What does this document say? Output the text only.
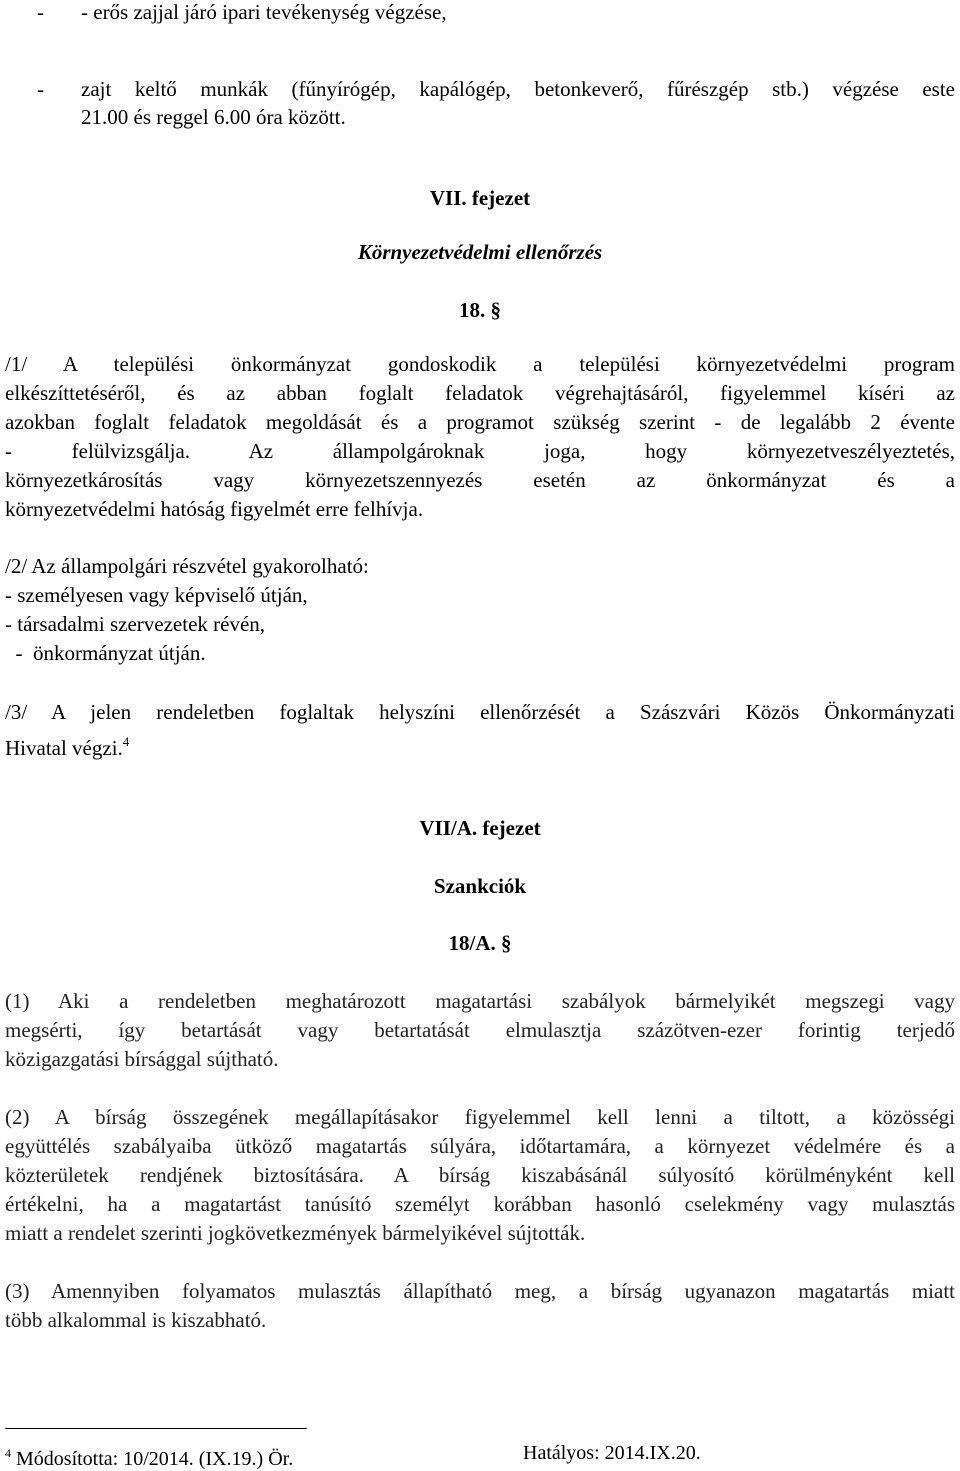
- - erős zajjal járó ipari tevékenység végzése,
- zajt keltő munkák (fűnyírógép, kapálógép, betonkeverő, fűrészgép stb.) végzése este
21.00 és reggel 6.00 óra között.
VII. fejezet
Környezetvédelmi ellenőrzés
18. §
/1/ A települési önkormányzat gondoskodik a települési környezetvédelmi program
elkészíttetéséről, és az abban foglalt feladatok végrehajtásáról, figyelemmel kíséri az
azokban foglalt feladatok megoldását és a programot szükség szerint - de legalább 2 évente
- felülvizsgálja. Az állampolgároknak joga, hogy környezetveszélyeztetés,
környezetkárosítás vagy környezetszennyezés esetén az önkormányzat és a
környezetvédelmi hatóság figyelmét erre felhívja.
/2/ Az állampolgári részvétel gyakorolható:
- személyesen vagy képviselő útján,
- társadalmi szervezetek révén,
-  önkormányzat útján.
/3/ A jelen rendeletben foglaltak helyszíni ellenőrzését a Szászvári Közös Önkormányzati
Hivatal végzi.$^4$
VII/A. fejezet
Szankciók
18/A. §
(1) Aki a rendeletben meghatározott magatartási szabályok bármelyikét megszegi vagy
megsérti, így betartását vagy betartatását elmulasztja százötven-ezer forintig terjedő
közigazgatási bírsággal sújtható.
(2) A bírság összegének megállapításakor figyelemmel kell lenni a tiltott, a közösségi
együttélés szabályaiba ütköző magatartás súlyára, időtartamára, a környezet védelmére és a
közterületek rendjének biztosítására. A bírság kiszabásánál súlyosító körülményként kell
értékelni, ha a magatartást tanúsító személyt korábban hasonló cselekmény vagy mulasztás
miatt a rendelet szerinti jogkövetkezmények bármelyikével sújtották.
(3) Amennyiben folyamatos mulasztás állapítható meg, a bírság ugyanazon magatartás miatt
több alkalommal is kiszabható.
$^4$ Módosította: 10/2014. (IX.19.) Ör.	Hatályos: 2014.IX.20.
